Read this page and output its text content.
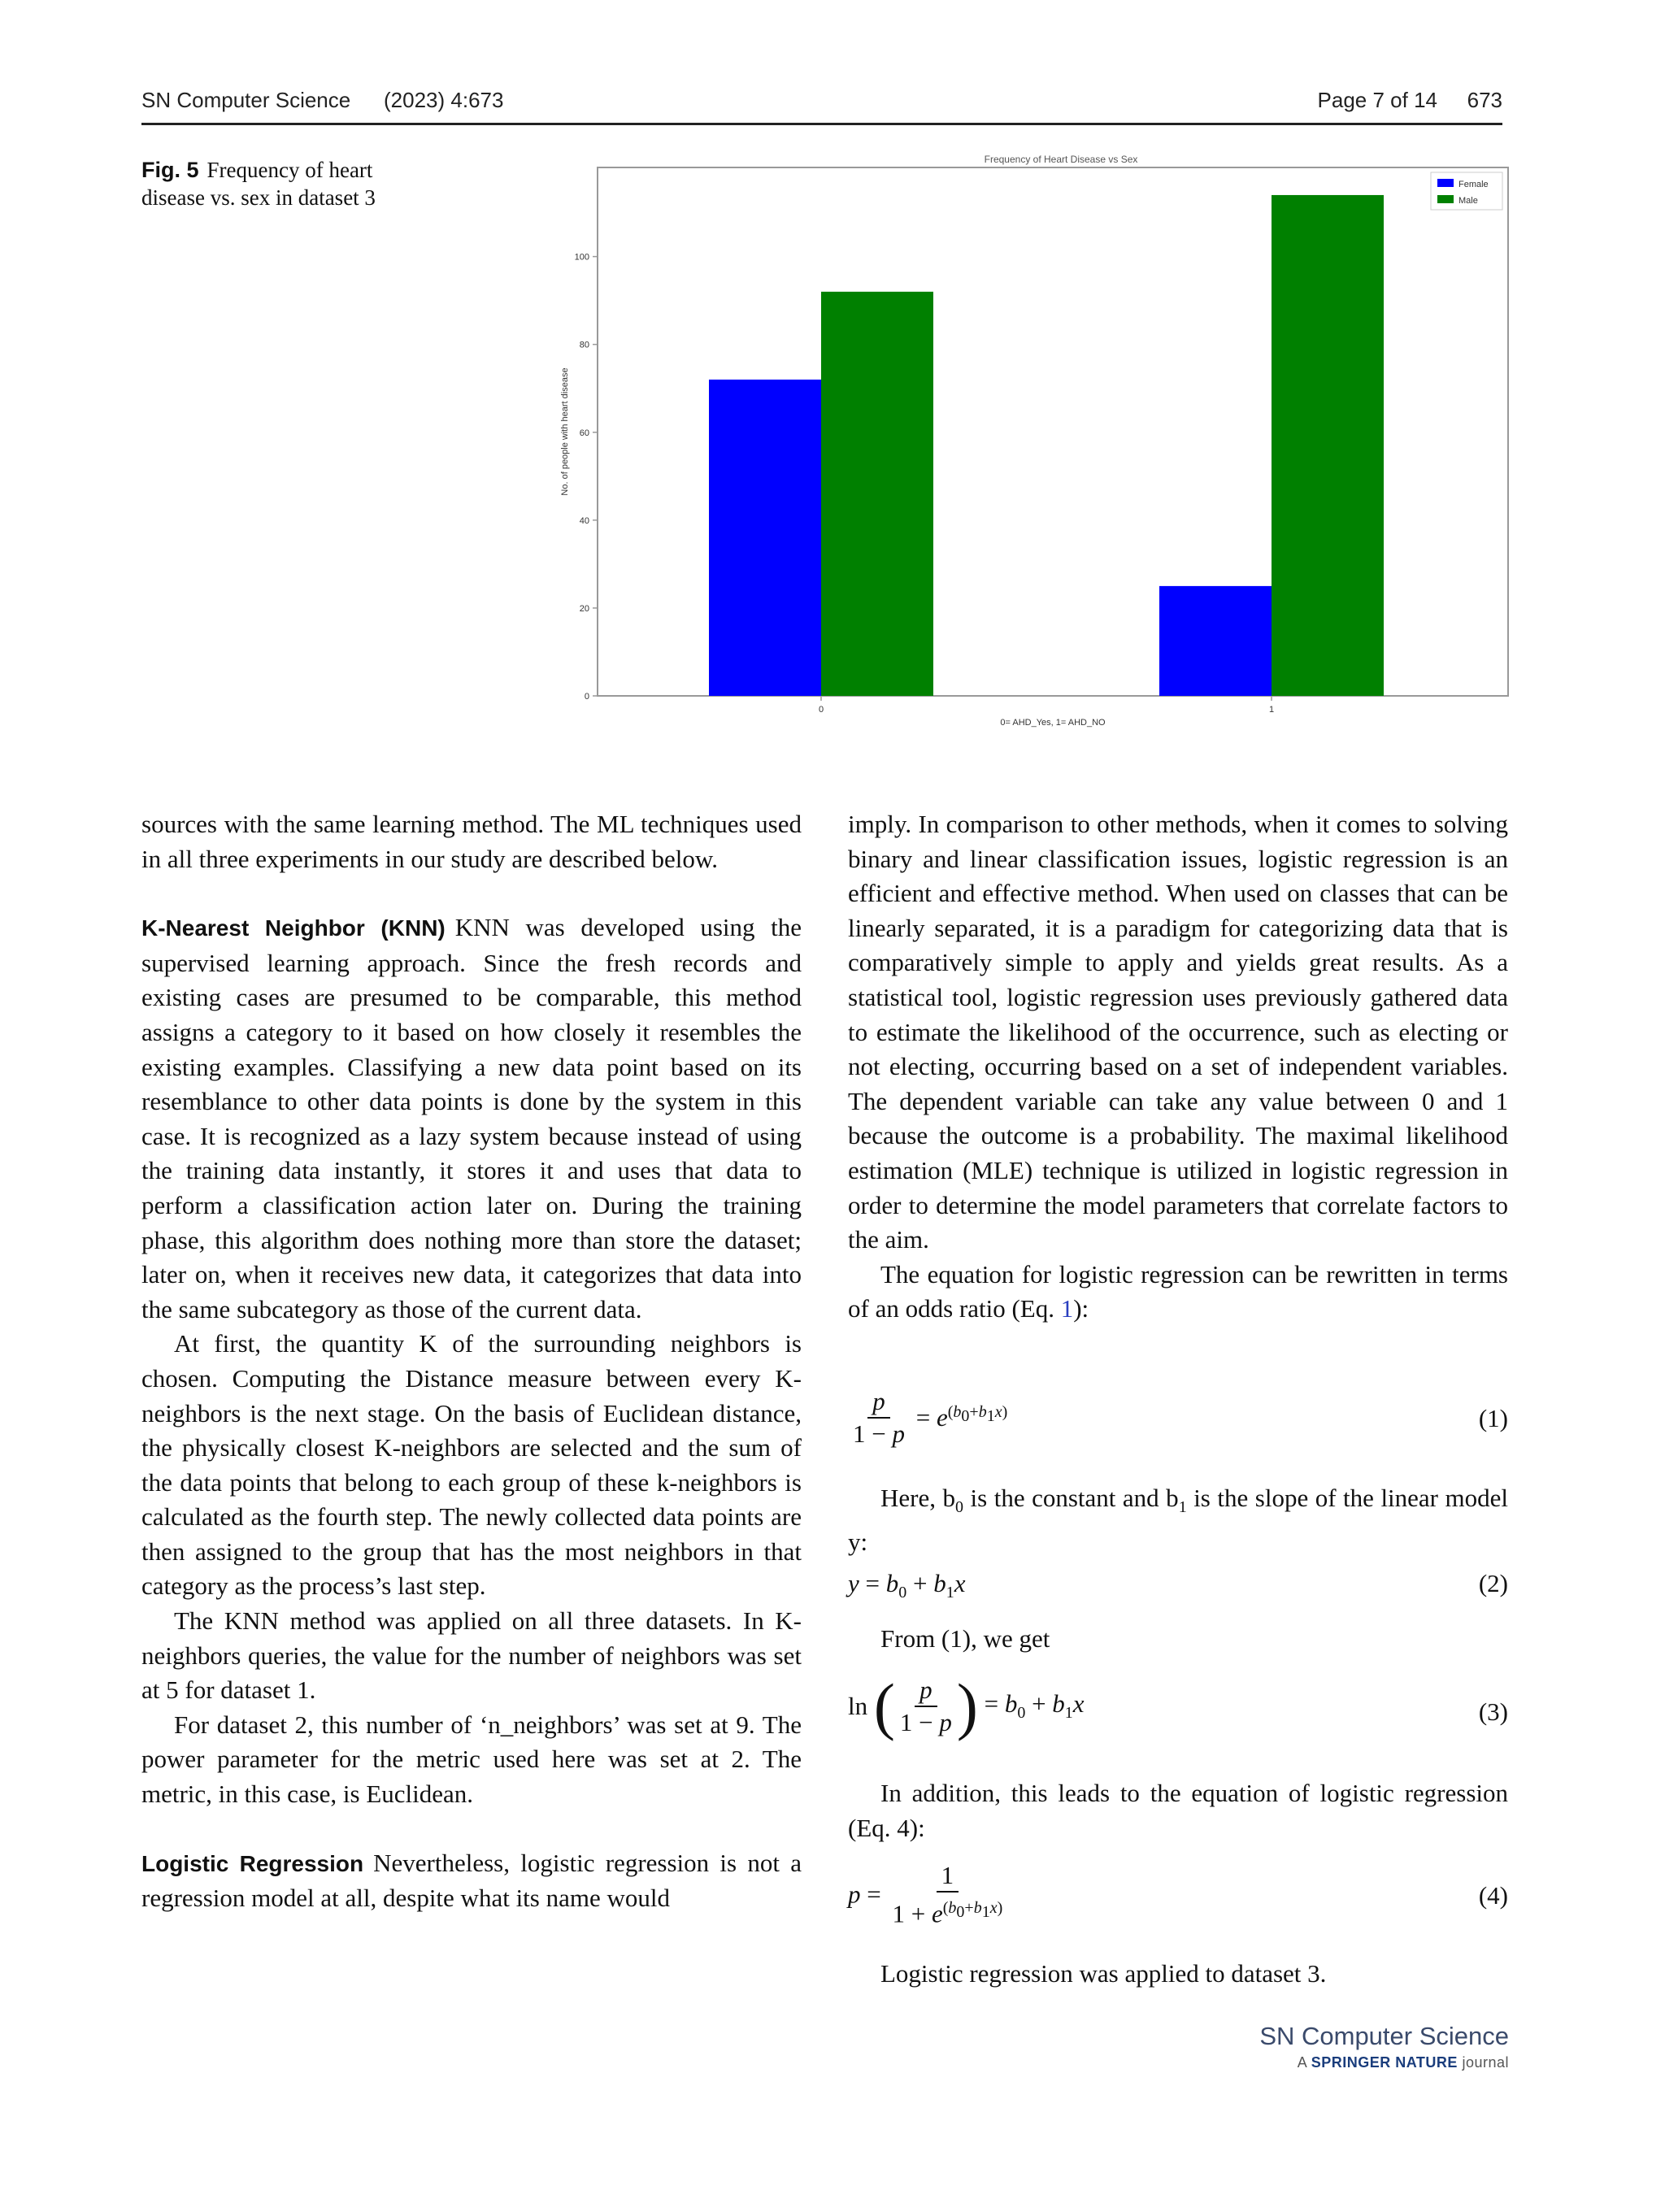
SN Computer Science (2023) 4:673	Page 7 of 14 673
Fig. 5 Frequency of heart disease vs. sex in dataset 3
Frequency of Heart Disease vs Sex
0
20
40
60
80
100
0	1
No. of people with heart disease
0= AHD_Yes, 1= AHD_NO
Female
Male

sources with the same learning method. The ML techniques used in all three experiments in our study are described below.

K-Nearest Neighbor (KNN) KNN was developed using the supervised learning approach. Since the fresh records and existing cases are presumed to be comparable, this method assigns a category to it based on how closely it resembles the existing examples. Classifying a new data point based on its resemblance to other data points is done by the system in this case. It is recognized as a lazy system because instead of using the training data instantly, it stores it and uses that data to perform a classification action later on. During the training phase, this algorithm does nothing more than store the dataset; later on, when it receives new data, it categorizes that data into the same subcategory as those of the current data.

At first, the quantity K of the surrounding neighbors is chosen. Computing the Distance measure between every K-neighbors is the next stage. On the basis of Euclidean distance, the physically closest K-neighbors are selected and the sum of the data points that belong to each group of these k-neighbors is calculated as the fourth step. The newly collected data points are then assigned to the group that has the most neighbors in that category as the process’s last step.

The KNN method was applied on all three datasets. In K-neighbors queries, the value for the number of neighbors was set at 5 for dataset 1.

For dataset 2, this number of ‘n_neighbors’ was set at 9. The power parameter for the metric used here was set at 2. The metric, in this case, is Euclidean.

Logistic Regression Nevertheless, logistic regression is not a regression model at all, despite what its name would

imply. In comparison to other methods, when it comes to solving binary and linear classification issues, logistic regression is an efficient and effective method. When used on classes that can be linearly separated, it is a paradigm for categorizing data that is comparatively simple to apply and yields great results. As a statistical tool, logistic regression uses previously gathered data to estimate the likelihood of the occurrence, such as electing or not electing, occurring based on a set of independent variables. The dependent variable can take any value between 0 and 1 because the outcome is a probability. The maximal likelihood estimation (MLE) technique is utilized in logistic regression in order to determine the model parameters that correlate factors to the aim.

The equation for logistic regression can be rewritten in terms of an odds ratio (Eq. 1):

$\frac{p}{1 - p} = e^{(b_0+b_1x)}$	(1)
Here, $b_0$ is the constant and $b_1$ is the slope of the linear model y:
$y = b_0 + b_1x$	(2)
From (1), we get
ln ( $\frac{p}{1 - p}$ ) = $b_0 + b_1x$	(3)
In addition, this leads to the equation of logistic regression (Eq. 4):
$p = \frac{1}{1 + e^{(b_0+b_1x)}}$	(4)
Logistic regression was applied to dataset 3.
SN Computer Science
A SPRINGER NATURE journal
